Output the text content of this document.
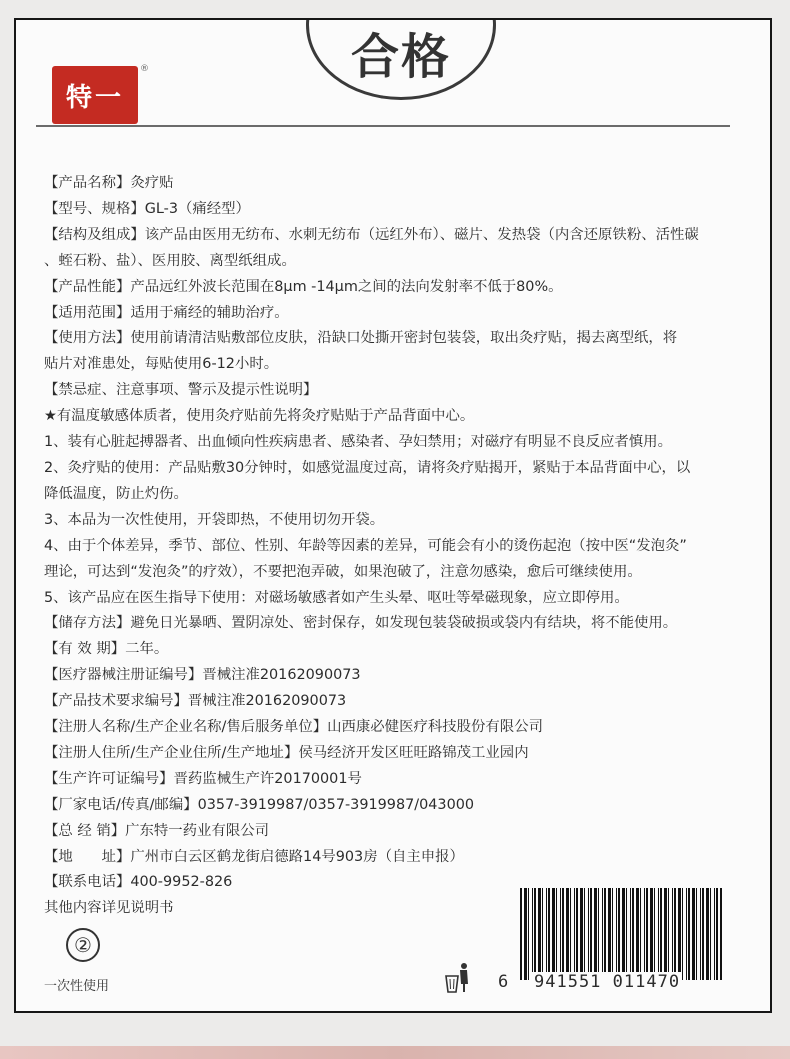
合格
特一
®
【产品名称】灸疗贴
【型号、规格】GL-3（痛经型）
【结构及组成】该产品由医用无纺布、水刺无纺布（远红外布）、磁片、发热袋（内含还原铁粉、活性碳
、蛭石粉、盐）、医用胶、离型纸组成。
【产品性能】产品远红外波长范围在8μm -14μm之间的法向发射率不低于80%。
【适用范围】适用于痛经的辅助治疗。
【使用方法】使用前请清洁贴敷部位皮肤，沿缺口处撕开密封包装袋，取出灸疗贴，揭去离型纸，将
贴片对准患处，每贴使用6-12小时。
【禁忌症、注意事项、警示及提示性说明】
★有温度敏感体质者，使用灸疗贴前先将灸疗贴贴于产品背面中心。
1、装有心脏起搏器者、出血倾向性疾病患者、感染者、孕妇禁用；对磁疗有明显不良反应者慎用。
2、灸疗贴的使用：产品贴敷30分钟时，如感觉温度过高，请将灸疗贴揭开，紧贴于本品背面中心，以
降低温度，防止灼伤。
3、本品为一次性使用，开袋即热，不使用切勿开袋。
4、由于个体差异，季节、部位、性别、年龄等因素的差异，可能会有小的烫伤起泡（按中医“发泡灸”
理论，可达到“发泡灸”的疗效），不要把泡弄破，如果泡破了，注意勿感染，愈后可继续使用。
5、该产品应在医生指导下使用：对磁场敏感者如产生头晕、呕吐等晕磁现象，应立即停用。
【储存方法】避免日光暴晒、置阴凉处、密封保存，如发现包装袋破损或袋内有结块，将不能使用。
【有 效 期】二年。
【医疗器械注册证编号】晋械注准20162090073
【产品技术要求编号】晋械注准20162090073
【注册人名称/生产企业名称/售后服务单位】山西康必健医疗科技股份有限公司
【注册人住所/生产企业住所/生产地址】侯马经济开发区旺旺路锦茂工业园内
【生产许可证编号】晋药监械生产许20170001号
【厂家电话/传真/邮编】0357-3919987/0357-3919987/043000
【总 经 销】广东特一药业有限公司
【地　　址】广州市白云区鹤龙街启德路14号903房（自主申报）
【联系电话】400-9952-826
其他内容详见说明书
②
一次性使用	6 941551 011470
